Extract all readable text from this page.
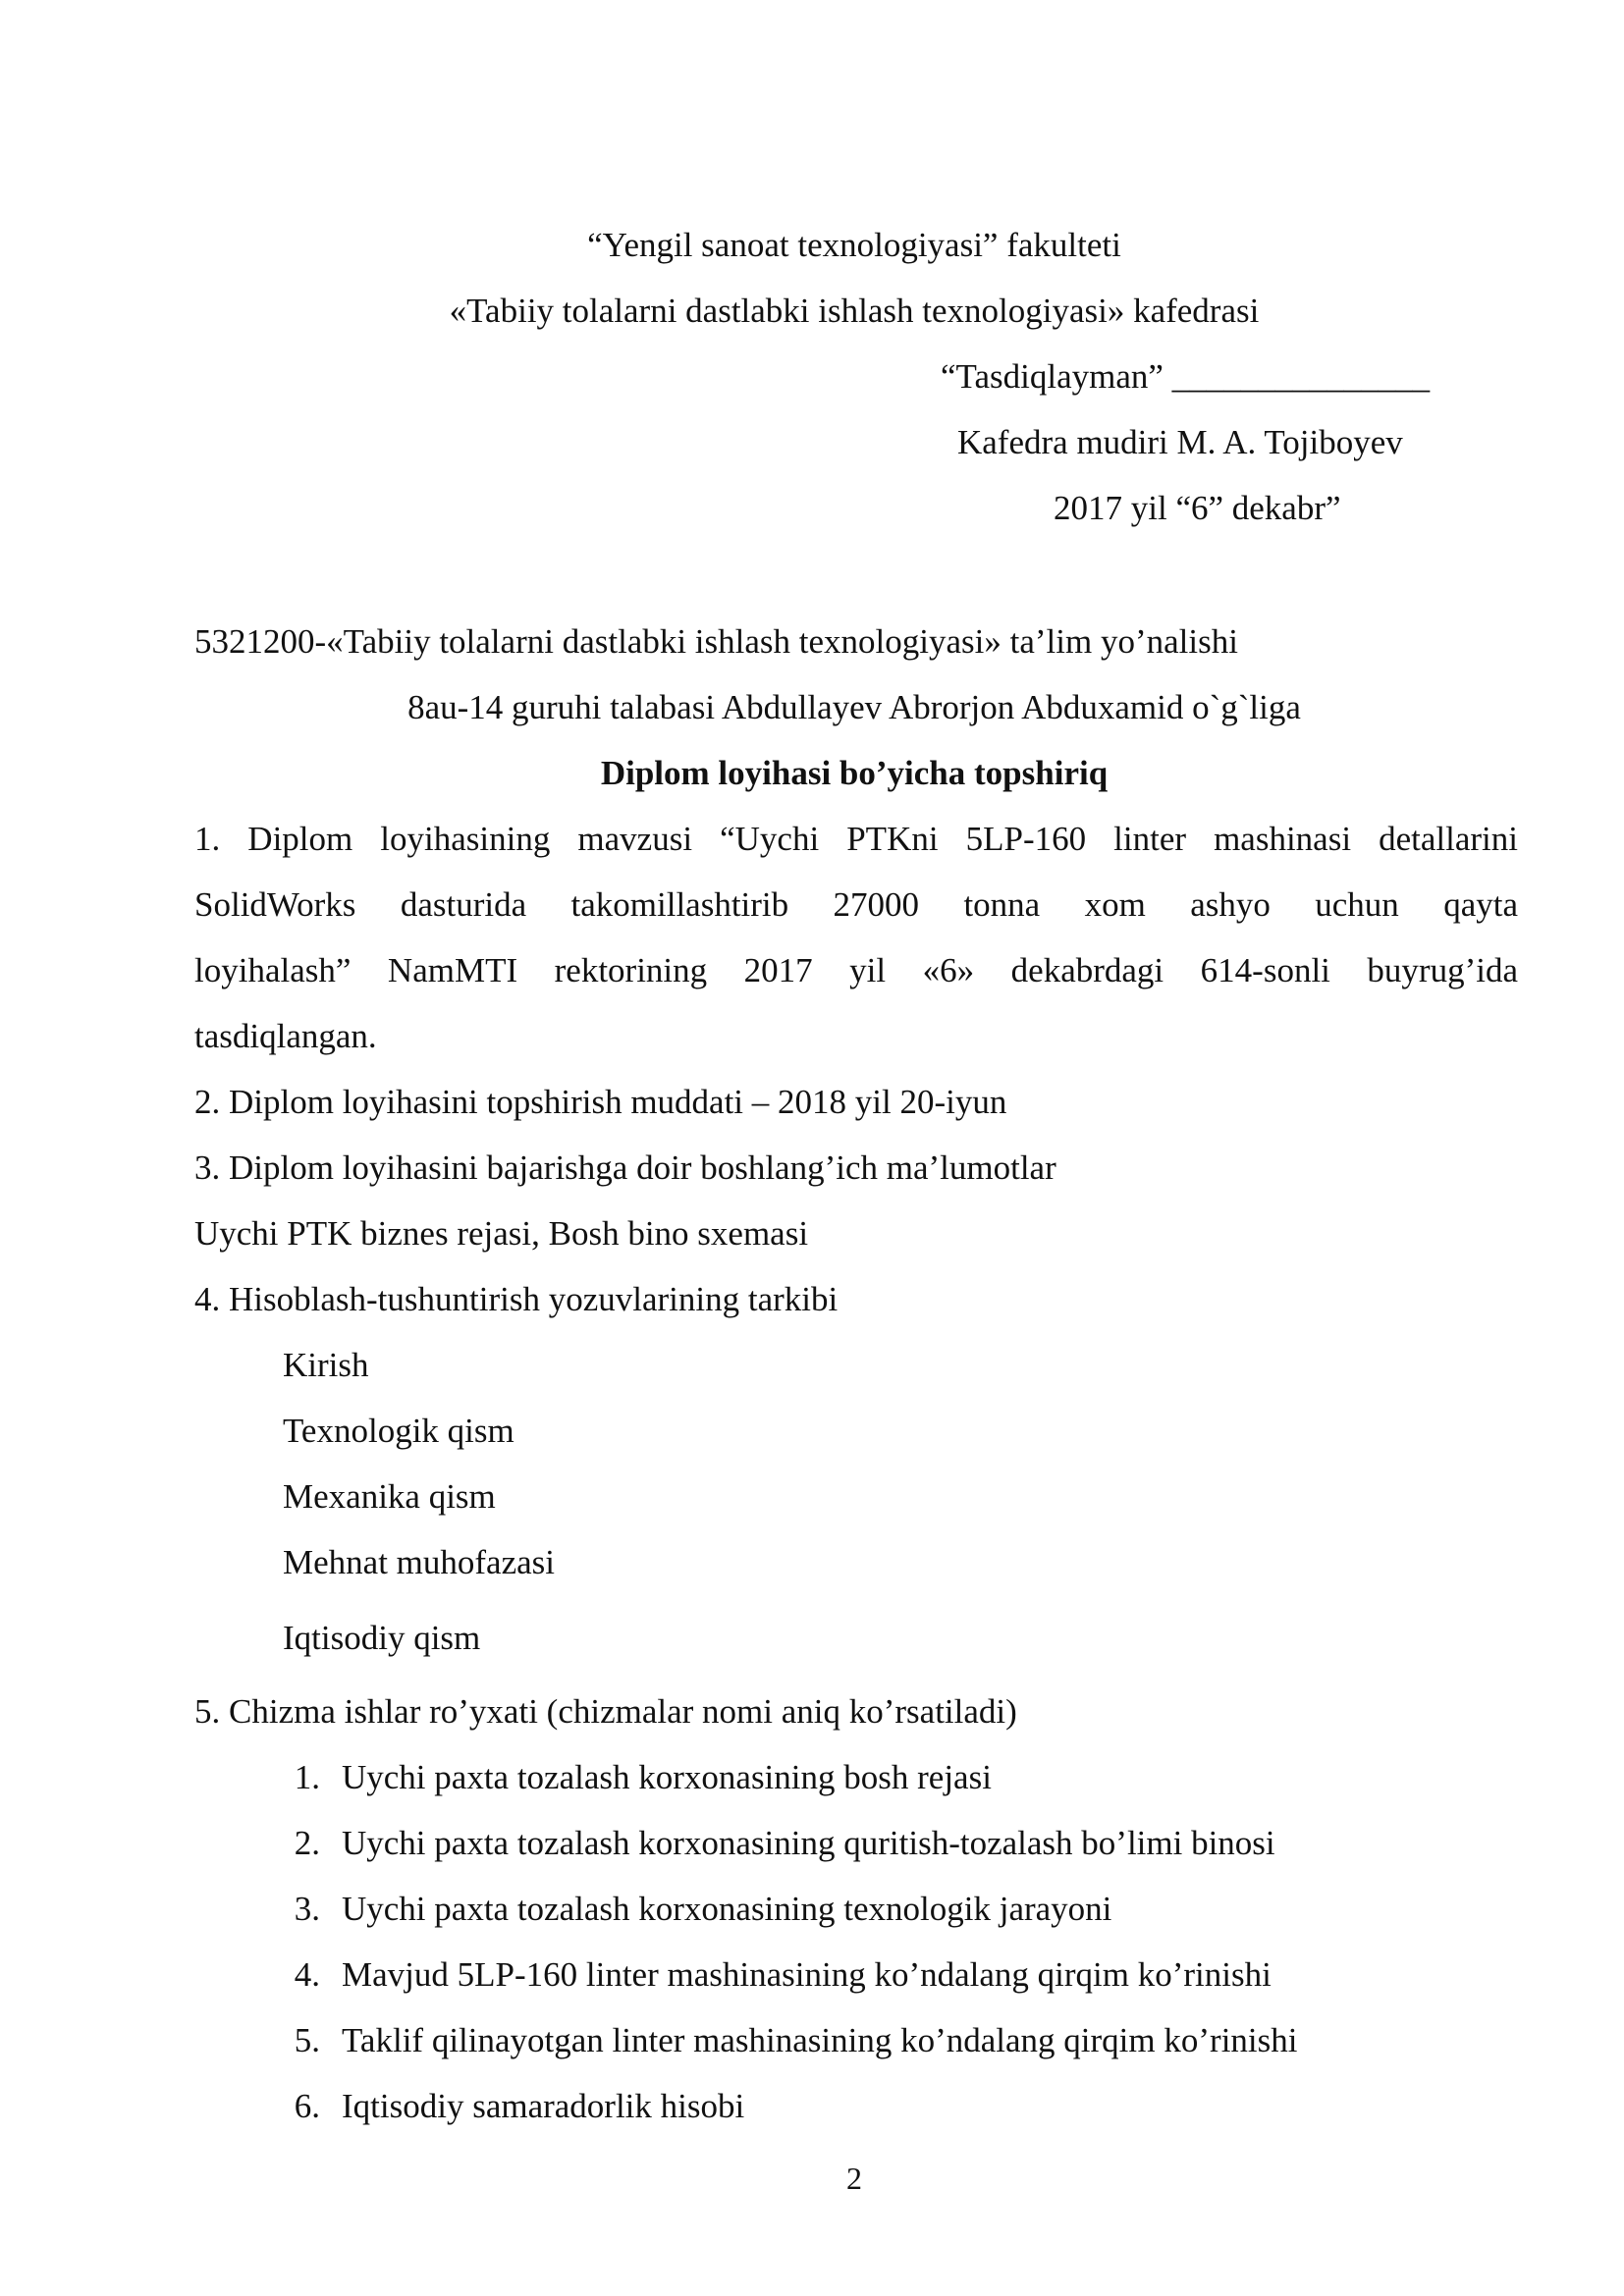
“Yengil sanoat texnologiyasi” fakulteti
«Tabiiy tolalarni dastlabki ishlash texnologiyasi» kafedrasi
“Tasdiqlayman” _______________
Kafedra mudiri M. A. Tojiboyev
2017 yil “6” dekabr”
5321200-«Tabiiy tolalarni dastlabki ishlash texnologiyasi» ta’lim yo’nalishi
8au-14 guruhi talabasi Abdullayev Abrorjon Abduxamid o`g`liga
Diplom loyihasi bo’yicha topshiriq
1. Diplom loyihasining mavzusi “Uychi PTKni 5LP-160 linter mashinasi detallarini
SolidWorks dasturida takomillashtirib 27000 tonna xom ashyo uchun qayta
loyihalash” NamMTI rektorining 2017 yil «6» dekabrdagi 614-sonli buyrug’ida
tasdiqlangan.
2. Diplom loyihasini topshirish muddati – 2018 yil 20-iyun
3. Diplom loyihasini bajarishga doir boshlang’ich ma’lumotlar
Uychi PTK biznes rejasi, Bosh bino sxemasi
4. Hisoblash-tushuntirish yozuvlarining tarkibi
Kirish
Texnologik qism
Mexanika qism
Mehnat muhofazasi
Iqtisodiy qism
5. Chizma ishlar ro’yxati (chizmalar nomi aniq ko’rsatiladi)
1. Uychi paxta tozalash korxonasining bosh rejasi
2. Uychi paxta tozalash korxonasining quritish-tozalash bo’limi binosi
3. Uychi paxta tozalash korxonasining texnologik jarayoni
4. Mavjud 5LP-160 linter mashinasining ko’ndalang qirqim ko’rinishi
5. Taklif qilinayotgan linter mashinasining ko’ndalang qirqim ko’rinishi
6. Iqtisodiy samaradorlik hisobi
2
